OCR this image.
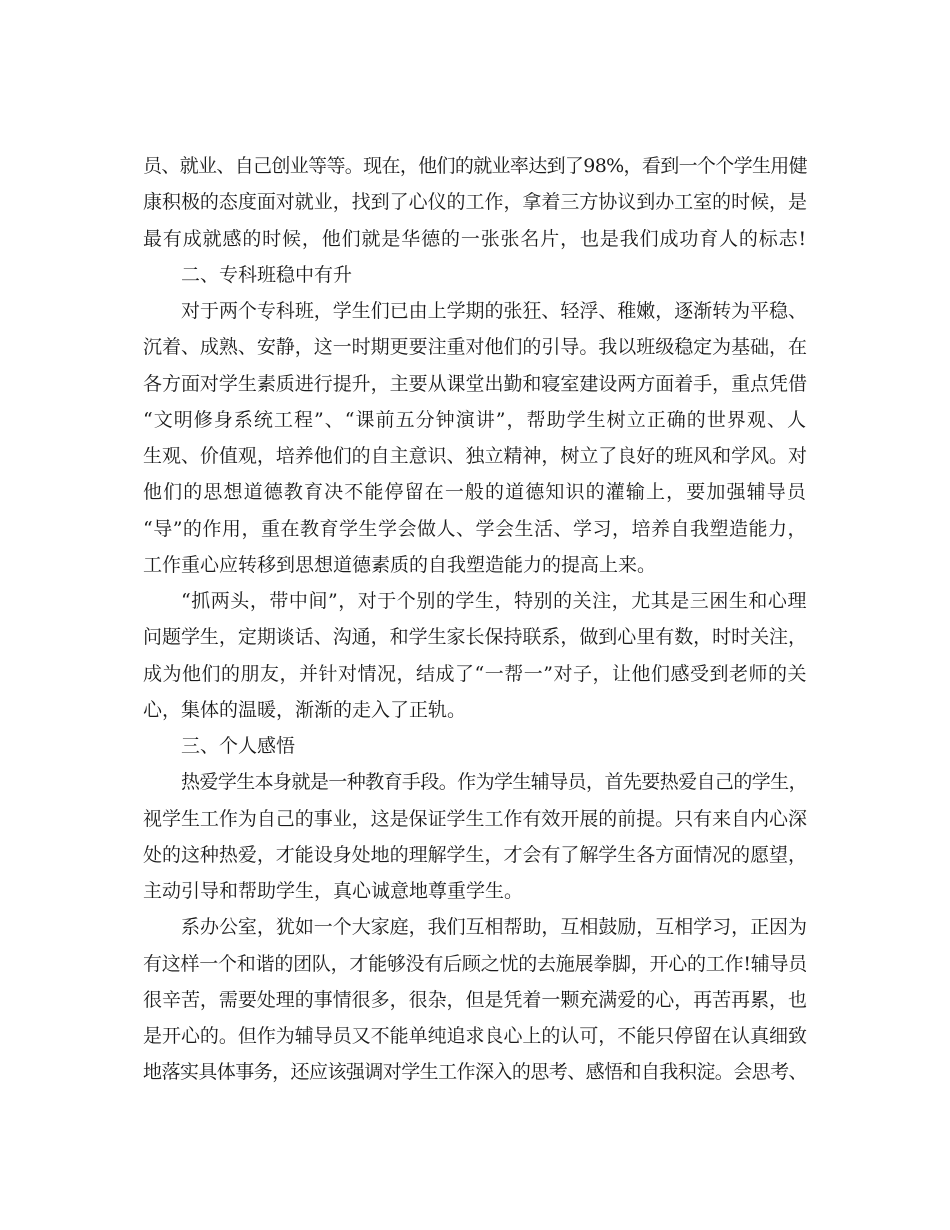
员、就业、自己创业等等。现在，他们的就业率达到了98%，看到一个个学生用健
康积极的态度面对就业，找到了心仪的工作，拿着三方协议到办工室的时候，是
最有成就感的时候，他们就是华德的一张张名片，也是我们成功育人的标志!
二、专科班稳中有升
对于两个专科班，学生们已由上学期的张狂、轻浮、稚嫩，逐渐转为平稳、
沉着、成熟、安静，这一时期更要注重对他们的引导。我以班级稳定为基础，在
各方面对学生素质进行提升，主要从课堂出勤和寝室建设两方面着手，重点凭借
“文明修身系统工程”、“课前五分钟演讲”，帮助学生树立正确的世界观、人
生观、价值观，培养他们的自主意识、独立精神，树立了良好的班风和学风。对
他们的思想道德教育决不能停留在一般的道德知识的灌输上，要加强辅导员
“导”的作用，重在教育学生学会做人、学会生活、学习，培养自我塑造能力，
工作重心应转移到思想道德素质的自我塑造能力的提高上来。
“抓两头，带中间”，对于个别的学生，特别的关注，尤其是三困生和心理
问题学生，定期谈话、沟通，和学生家长保持联系，做到心里有数，时时关注，
成为他们的朋友，并针对情况，结成了“一帮一”对子，让他们感受到老师的关
心，集体的温暖，渐渐的走入了正轨。
三、个人感悟
热爱学生本身就是一种教育手段。作为学生辅导员，首先要热爱自己的学生，
视学生工作为自己的事业，这是保证学生工作有效开展的前提。只有来自内心深
处的这种热爱，才能设身处地的理解学生，才会有了解学生各方面情况的愿望，
主动引导和帮助学生，真心诚意地尊重学生。
系办公室，犹如一个大家庭，我们互相帮助，互相鼓励，互相学习，正因为
有这样一个和谐的团队，才能够没有后顾之忧的去施展拳脚，开心的工作!辅导员
很辛苦，需要处理的事情很多，很杂，但是凭着一颗充满爱的心，再苦再累，也
是开心的。但作为辅导员又不能单纯追求良心上的认可，不能只停留在认真细致
地落实具体事务，还应该强调对学生工作深入的思考、感悟和自我积淀。会思考、
